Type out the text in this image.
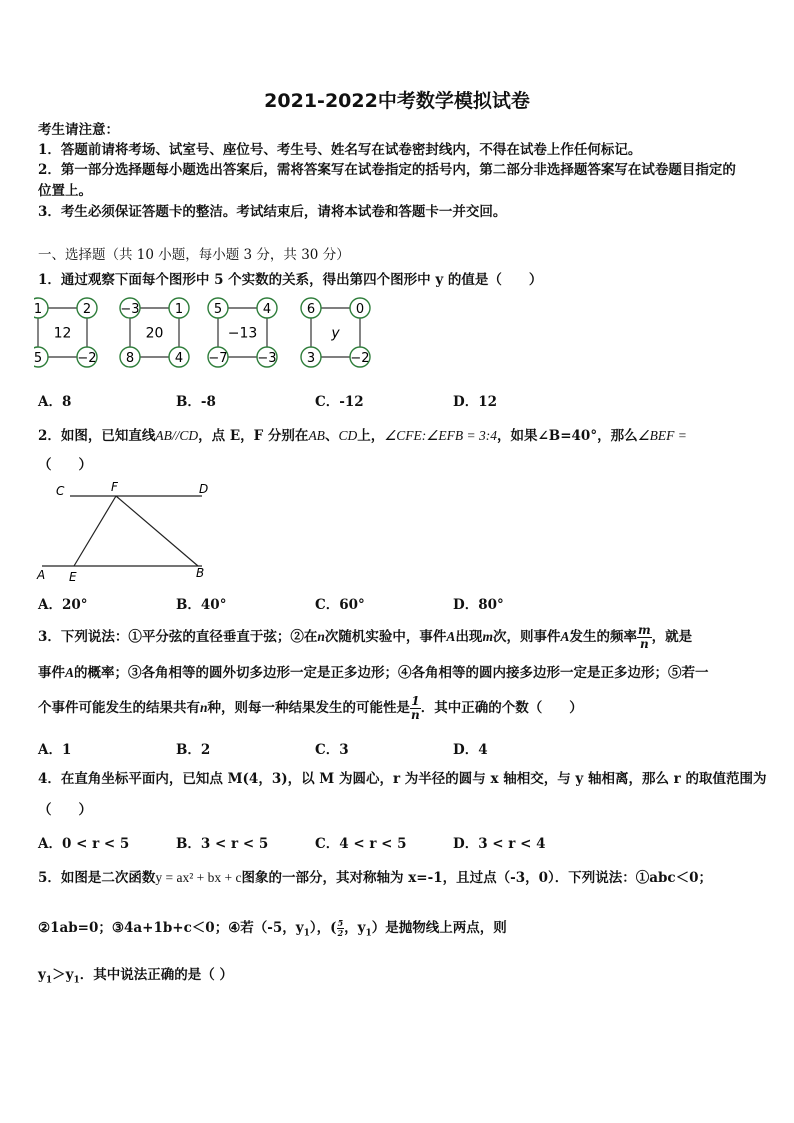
2021-2022中考数学模拟试卷
考生请注意：
1．答题前请将考场、试室号、座位号、考生号、姓名写在试卷密封线内，不得在试卷上作任何标记。
2．第一部分选择题每小题选出答案后，需将答案写在试卷指定的括号内，第二部分非选择题答案写在试卷题目指定的
位置上。
3．考生必须保证答题卡的整洁。考试结束后，请将本试卷和答题卡一并交回。
一、选择题（共 10 小题，每小题 3 分，共 30 分）
1．通过观察下面每个图形中 5 个实数的关系，得出第四个图形中 y 的值是（　　）
1	2
5	−2
12
−3	1
8	4
20
5	4
−7 −3
−13
6	0
3	−2
y
A．8	B．-8	C．-12	D．12
2．如图，已知直线AB//CD，点 E，F 分别在AB、CD上，∠CFE:∠EFB = 3:4，如果∠B=40°，那么∠BEF =
（　　）
C	F	D
A E	B
A．20°	B．40°	C．60°	D．80°
3．下列说法：①平分弦的直径垂直于弦；②在n次随机实验中，事件A出现m次，则事件A发生的频率 $\frac{m}{n}$ ，就是
事件A的概率；③各角相等的圆外切多边形一定是正多边形；④各角相等的圆内接多边形一定是正多边形；⑤若一
个事件可能发生的结果共有n种，则每一种结果发生的可能性是 $\frac{1}{n}$ ．其中正确的个数（　　）
A．1	B．2	C．3	D．4
4．在直角坐标平面内，已知点 M(4，3)，以 M 为圆心，r 为半径的圆与 x 轴相交，与 y 轴相离，那么 r 的取值范围为
（　　）
A．0 < r < 5	B．3 < r < 5	C．4 < r < 5	D．3 < r < 4
5．如图是二次函数y = ax² + bx + c图象的一部分，其对称轴为 x=-1，且过点（-3，0）．下列说法：①abc＜0；
②1ab=0；③4a+1b+c＜0；④若（-5，$y_1$），( $\frac{5}{2}$ ，$y_1$）是抛物线上两点，则
$y_1>y_1$．其中说法正确的是（ ）
